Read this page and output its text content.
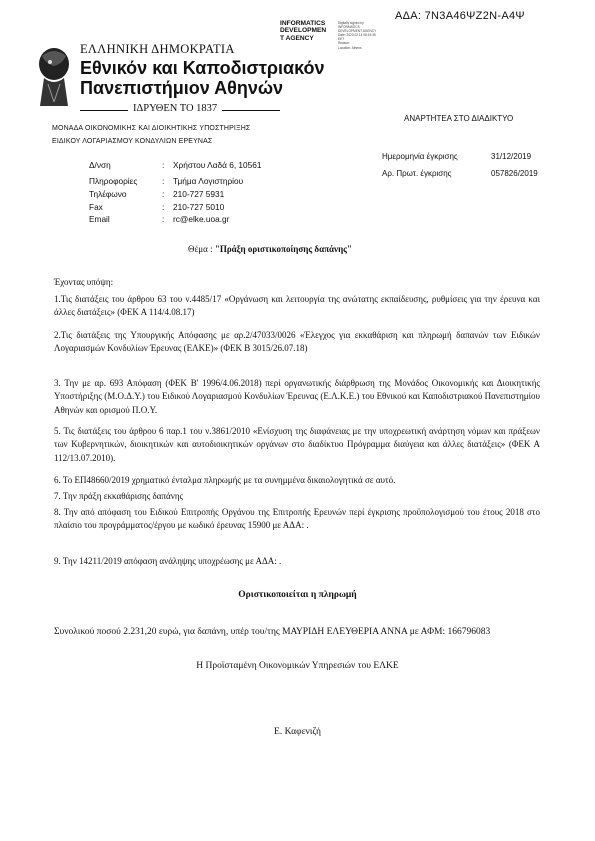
ΑΔΑ: 7Ν3Α46ΨΖ2Ν-Α4Ψ
INFORMATICS
DEVELOPMEN
T AGENCY
Digitally signed by
INFORMATICS
DEVELOPMENT AGENCY
Date: 2020.02.14 08:15:35
EET
Reason:
Location: Athens
ΕΛΛΗΝΙΚΗ ΔΗΜΟΚΡΑΤΙΑ
Εθνικόν και Καποδιστριακόν
Πανεπιστήμιον Αθηνών
ΙΔΡΥΘΕΝ ΤΟ 1837
ΜΟΝΑΔΑ ΟΙΚΟΝΟΜΙΚΗΣ ΚΑΙ ΔΙΟΙΚΗΤΙΚΗΣ ΥΠΟΣΤΗΡΙΞΗΣ
ΕΙΔΙΚΟΥ ΛΟΓΑΡΙΑΣΜΟΥ ΚΟΝΔΥΛΙΩΝ ΕΡΕΥΝΑΣ
ΑΝΑΡΤΗΤΕΑ ΣΤΟ ΔΙΑΔΙΚΤΥΟ
Ημερομηνία έγκρισης	31/12/2019
Αρ. Πρωτ. έγκρισης	057826/2019
Δ/νση	: Χρήστου Λαδά 6, 10561
Πληροφορίες	: Τμήμα Λογιστηρίου
Τηλέφωνο	: 210-727 5931
Fax	: 210-727 5010
Email	: rc@elke.uoa.gr
Θέμα : "Πράξη οριστικοποίησης δαπάνης"
Έχοντας υπόψη:
1.Τις διατάξεις του άρθρου 63 του ν.4485/17 «Οργάνωση και λειτουργία της ανώτατης εκπαίδευσης, ρυθμίσεις για την έρευνα και άλλες διατάξεις» (ΦΕΚ Α 114/4.08.17)
2.Τις διατάξεις της Υπουργικής Απόφασης με αρ.2/47033/0026 «Έλεγχος για εκκαθάριση και πληρωμή δαπανών των Ειδικών Λογαριασμών Κονδυλίων Έρευνας (ΕΛΚΕ)» (ΦΕΚ Β 3015/26.07.18)
3. Την με αρ. 693 Απόφαση (ΦΕΚ Β' 1996/4.06.2018) περί οργανωτικής διάρθρωση της Μονάδος Οικονομικής και Διοικητικής Υποστήριξης (Μ.Ο.Δ.Υ.) του Ειδικού Λογαριασμού Κονδυλίων Έρευνας (Ε.Λ.Κ.Ε.) του Εθνικού και Καποδιστριακού Πανεπιστημίου Αθηνών και ορισμού Π.Ο.Υ.
5. Τις διατάξεις του άρθρου 6 παρ.1 του ν.3861/2010 «Ενίσχυση της διαφάνειας με την υποχρεωτική ανάρτηση νόμων και πράξεων των Κυβερνητικών, διοικητικών και αυτοδιοικητικών οργάνων στο διαδίκτυο Πρόγραμμα διαύγεια και άλλες διατάξεις» (ΦΕΚ Α 112/13.07.2010).
6. Το ΕΠ48660/2019 χρηματικό ένταλμα πληρωμής με τα συνημμένα δικαιολογητικά σε αυτό.
7. Την πράξη εκκαθάρισης δαπάνης
8. Την από απόφαση του Ειδικού Επιτροπής Οργάνου της Επιτροπής Ερευνών περί έγκρισης προϋπολογισμού του έτους 2018 στο πλαίσιο του προγράμματος/έργου με κωδικό έρευνας 15900 με ΑΔΑ: .
9. Την 14211/2019 απόφαση ανάληψης υποχρέωσης με ΑΔΑ: .
Οριστικοποιείται η πληρωμή
Συνολικού ποσού 2.231,20 ευρώ, για δαπάνη, υπέρ του/της ΜΑΥΡΙΔΗ ΕΛΕΥΘΕΡΙΑ ΑΝΝΑ με ΑΦΜ: 166796083
Η Προϊσταμένη Οικονομικών Υπηρεσιών του ΕΛΚΕ
Ε. Καφενιζή
